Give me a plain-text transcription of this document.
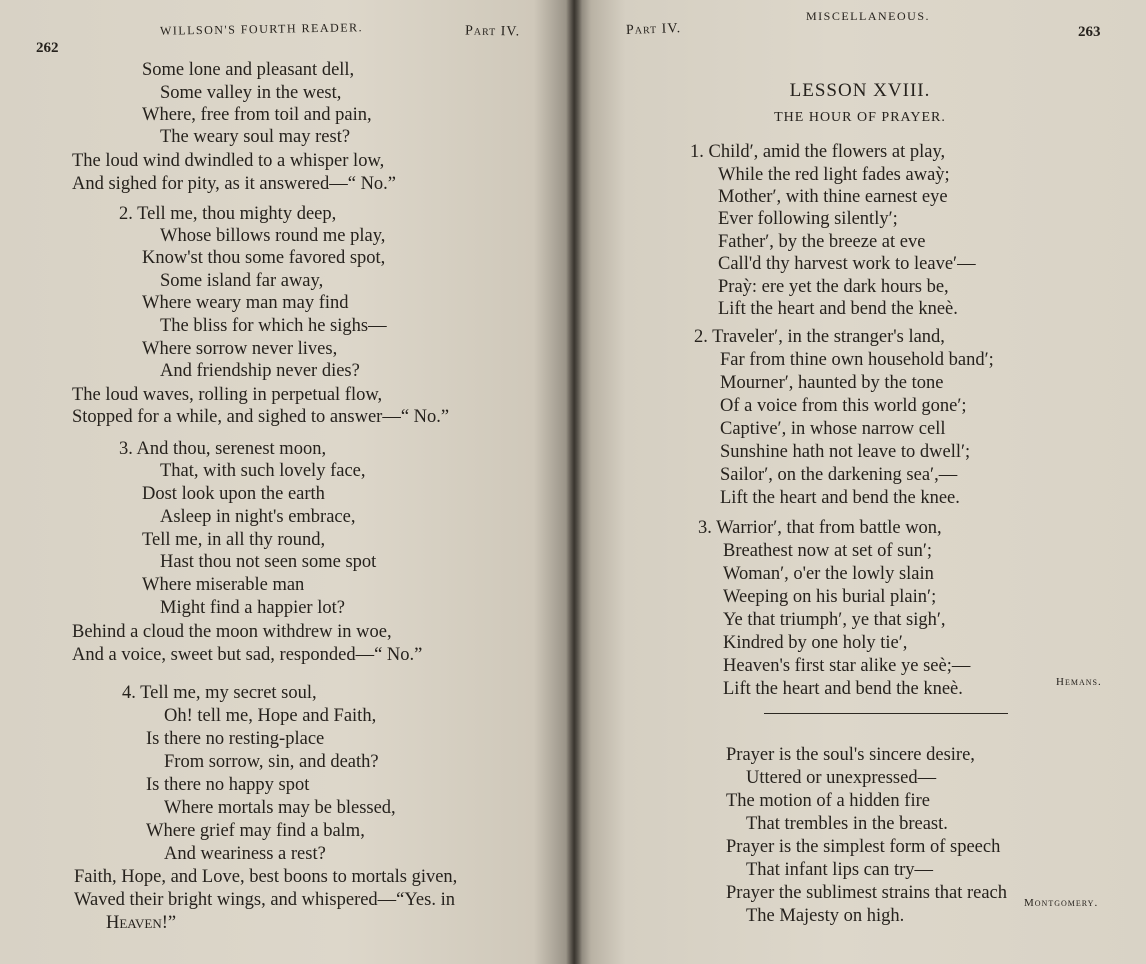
262
WILLSON'S FOURTH READER.	Part IV.
Some lone and pleasant dell,
Some valley in the west,
Where, free from toil and pain,
The weary soul may rest?
The loud wind dwindled to a whisper low,
And sighed for pity, as it answered—“ No.”
2. Tell me, thou mighty deep,
Whose billows round me play,
Know'st thou some favored spot,
Some island far away,
Where weary man may find
The bliss for which he sighs—
Where sorrow never lives,
And friendship never dies?
The loud waves, rolling in perpetual flow,
Stopped for a while, and sighed to answer—“ No.”
3. And thou, serenest moon,
That, with such lovely face,
Dost look upon the earth
Asleep in night's embrace,
Tell me, in all thy round,
Hast thou not seen some spot
Where miserable man
Might find a happier lot?
Behind a cloud the moon withdrew in woe,
And a voice, sweet but sad, responded—“ No.”
4. Tell me, my secret soul,
Oh! tell me, Hope and Faith,
Is there no resting-place
From sorrow, sin, and death?
Is there no happy spot
Where mortals may be blessed,
Where grief may find a balm,
And weariness a rest?
Faith, Hope, and Love, best boons to mortals given,
Waved their bright wings, and whispered—“Yes. in
Heaven!”
Part IV.
MISCELLANEOUS.
263
LESSON XVIII.
THE HOUR OF PRAYER.
1. Child′, amid the flowers at play,
While the red light fades awaỳ;
Mother′, with thine earnest eye
Ever following silently′;
Father′, by the breeze at eve
Call'd thy harvest work to leave′—
Praỳ: ere yet the dark hours be,
Lift the heart and bend the kneè.
2. Traveler′, in the stranger's land,
Far from thine own household band′;
Mourner′, haunted by the tone
Of a voice from this world gone′;
Captive′, in whose narrow cell
Sunshine hath not leave to dwell′;
Sailor′, on the darkening sea′,—
Lift the heart and bend the knee.
3. Warrior′, that from battle won,
Breathest now at set of sun′;
Woman′, o'er the lowly slain
Weeping on his burial plain′;
Ye that triumph′, ye that sigh′,
Kindred by one holy tie′,
Heaven's first star alike ye seè;—
Lift the heart and bend the kneè.	Hemans.
Prayer is the soul's sincere desire,
Uttered or unexpressed—
The motion of a hidden fire
That trembles in the breast.
Prayer is the simplest form of speech
That infant lips can try—
Prayer the sublimest strains that reach
The Majesty on high.
Montgomery.
